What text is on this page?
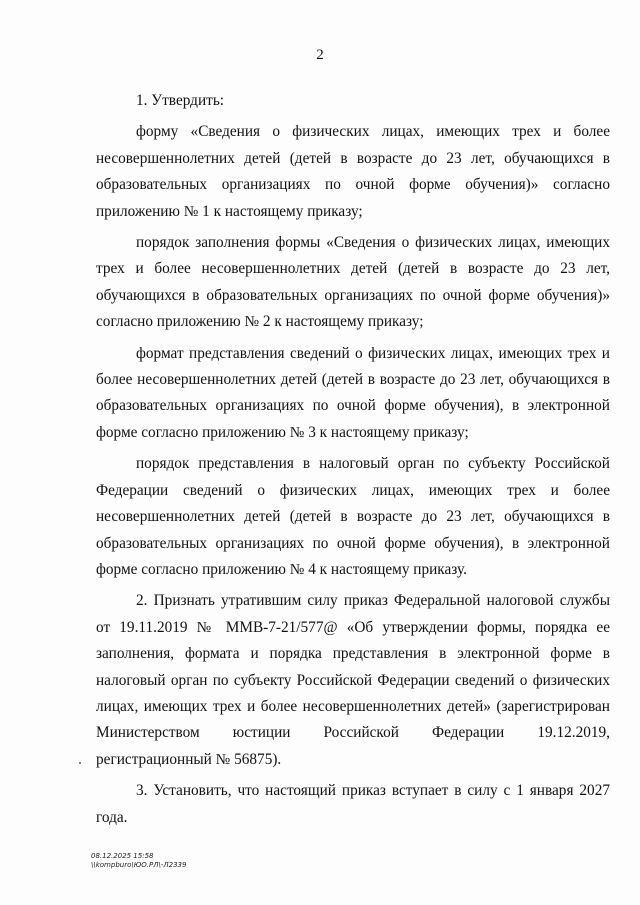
2

1. Утвердить:

форму «Сведения о физических лицах, имеющих трех и более несовершеннолетних детей (детей в возрасте до 23 лет, обучающихся в образовательных организациях по очной форме обучения)» согласно приложению № 1 к настоящему приказу;

порядок заполнения формы «Сведения о физических лицах, имеющих трех и более несовершеннолетних детей (детей в возрасте до 23 лет, обучающихся в образовательных организациях по очной форме обучения)» согласно приложению № 2 к настоящему приказу;

формат представления сведений о физических лицах, имеющих трех и более несовершеннолетних детей (детей в возрасте до 23 лет, обучающихся в образовательных организациях по очной форме обучения), в электронной форме согласно приложению № 3 к настоящему приказу;

порядок представления в налоговый орган по субъекту Российской Федерации сведений о физических лицах, имеющих трех и более несовершеннолетних детей (детей в возрасте до 23 лет, обучающихся в образовательных организациях по очной форме обучения), в электронной форме согласно приложению № 4 к настоящему приказу.

2. Признать утратившим силу приказ Федеральной налоговой службы от 19.11.2019 № ММВ-7-21/577@ «Об утверждении формы, порядка ее заполнения, формата и порядка представления в электронной форме в налоговый орган по субъекту Российской Федерации сведений о физических лицах, имеющих трех и более несовершеннолетних детей» (зарегистрирован Министерством юстиции Российской Федерации 19.12.2019, регистрационный № 56875).

3. Установить, что настоящий приказ вступает в силу с 1 января 2027 года.

08.12.2025 15:58
\\kompburo\ЮО.РЛ\-Л2339
